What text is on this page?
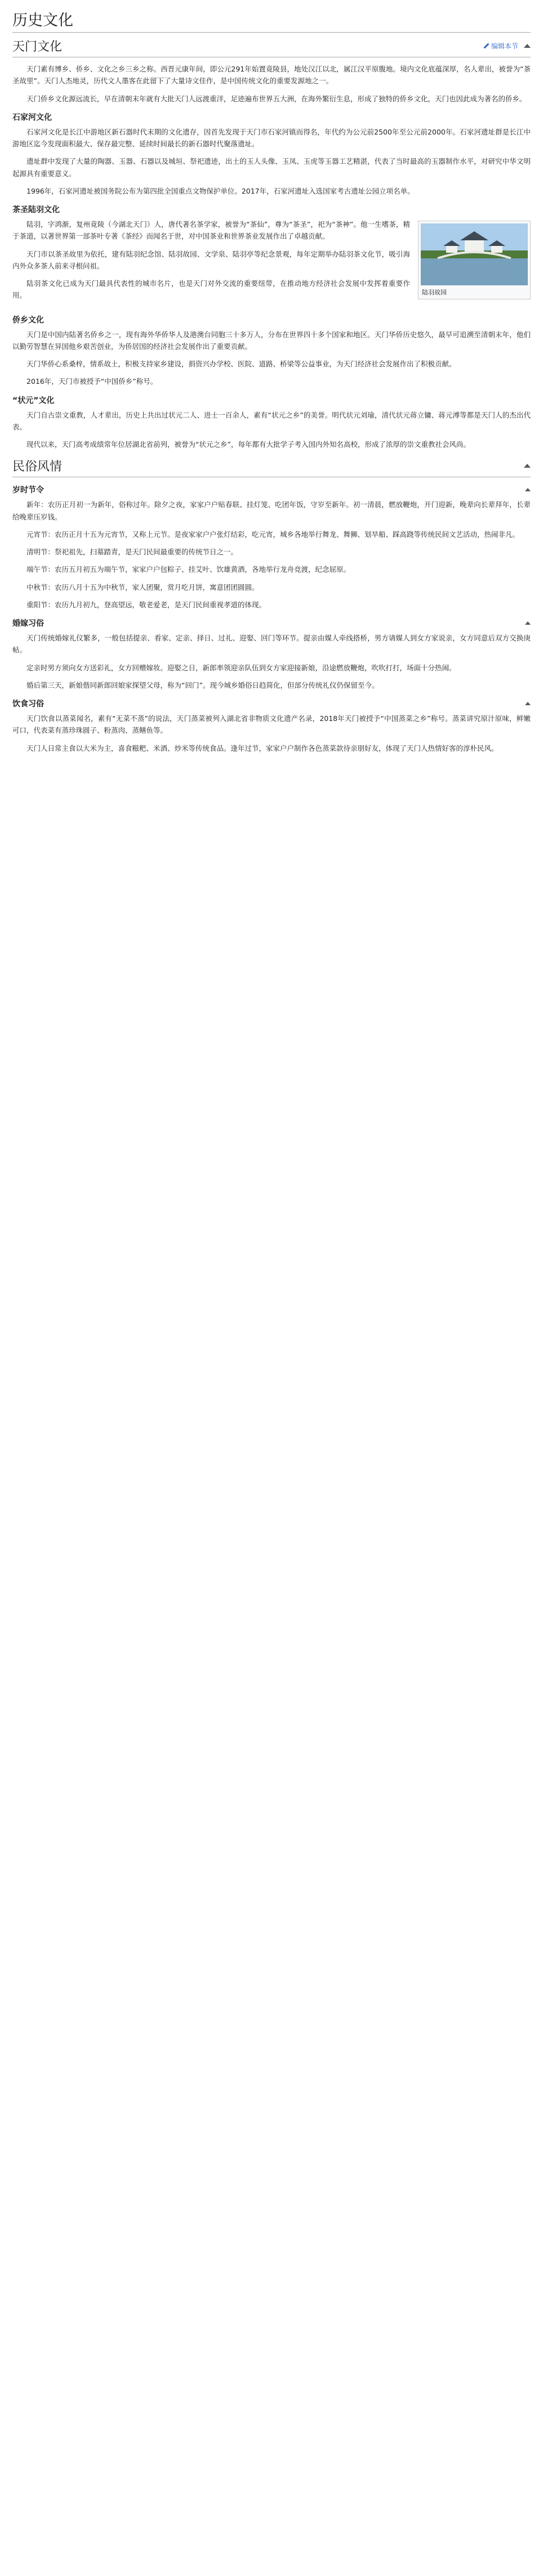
历史文化
天门文化	编辑本节

天门素有博乡、侨乡、文化之乡三乡之称。西晋元康年间，即公元291年始置竟陵县，地处汉江以北，属江汉平原腹地。境内文化底蕴深厚，名人辈出，被誉为“茶圣故里”。天门人杰地灵，历代文人墨客在此留下了大量诗文佳作，是中国传统文化的重要发源地之一。

天门侨乡文化源远流长，早在清朝末年就有大批天门人远渡重洋，足迹遍布世界五大洲，在海外繁衍生息，形成了独特的侨乡文化，天门也因此成为著名的侨乡。

石家河文化

石家河文化是长江中游地区新石器时代末期的文化遗存，因首先发现于天门市石家河镇而得名，年代约为公元前2500年至公元前2000年。石家河遗址群是长江中游地区迄今发现面积最大、保存最完整、延续时间最长的新石器时代聚落遗址。

遗址群中发现了大量的陶器、玉器、石器以及城垣、祭祀遗迹，出土的玉人头像、玉凤、玉虎等玉器工艺精湛，代表了当时最高的玉器制作水平，对研究中华文明起源具有重要意义。

1996年，石家河遗址被国务院公布为第四批全国重点文物保护单位。2017年，石家河遗址入选国家考古遗址公园立项名单。

茶圣陆羽文化
陆羽故园

陆羽，字鸿渐，复州竟陵（今湖北天门）人，唐代著名茶学家，被誉为“茶仙”，尊为“茶圣”，祀为“茶神”。他一生嗜茶，精于茶道，以著世界第一部茶叶专著《茶经》而闻名于世，对中国茶业和世界茶业发展作出了卓越贡献。

天门市以茶圣故里为依托，建有陆羽纪念馆、陆羽故园、文学泉、陆羽亭等纪念景观，每年定期举办陆羽茶文化节，吸引海内外众多茶人前来寻根问祖。

陆羽茶文化已成为天门最具代表性的城市名片，也是天门对外交流的重要纽带，在推动地方经济社会发展中发挥着重要作用。

侨乡文化

天门是中国内陆著名侨乡之一，现有海外华侨华人及港澳台同胞三十多万人，分布在世界四十多个国家和地区。天门华侨历史悠久，最早可追溯至清朝末年，他们以勤劳智慧在异国他乡艰苦创业，为侨居国的经济社会发展作出了重要贡献。

天门华侨心系桑梓，情系故土，积极支持家乡建设，捐资兴办学校、医院、道路、桥梁等公益事业，为天门经济社会发展作出了积极贡献。

2016年，天门市被授予“中国侨乡”称号。

“状元”文化

天门自古崇文重教，人才辈出，历史上共出过状元二人、进士一百余人，素有“状元之乡”的美誉。明代状元刘瑜，清代状元蒋立镛、蒋元溥等都是天门人的杰出代表。

现代以来，天门高考成绩常年位居湖北省前列，被誉为“状元之乡”，每年都有大批学子考入国内外知名高校，形成了浓厚的崇文重教社会风尚。

民俗风情
岁时节令

新年：农历正月初一为新年，俗称过年。除夕之夜，家家户户贴春联、挂灯笼、吃团年饭，守岁至新年。初一清晨，燃放鞭炮，开门迎新，晚辈向长辈拜年，长辈给晚辈压岁钱。

元宵节：农历正月十五为元宵节，又称上元节。是夜家家户户张灯结彩，吃元宵，城乡各地举行舞龙、舞狮、划旱船、踩高跷等传统民间文艺活动，热闹非凡。

清明节：祭祀祖先，扫墓踏青，是天门民间最重要的传统节日之一。

端午节：农历五月初五为端午节，家家户户包粽子、挂艾叶、饮雄黄酒，各地举行龙舟竞渡，纪念屈原。

中秋节：农历八月十五为中秋节，家人团聚，赏月吃月饼，寓意团团圆圆。

重阳节：农历九月初九，登高望远，敬老爱老，是天门民间重视孝道的体现。

婚嫁习俗

天门传统婚嫁礼仪繁多，一般包括提亲、看家、定亲、择日、过礼、迎娶、回门等环节。提亲由媒人牵线搭桥，男方请媒人到女方家说亲，女方同意后双方交换庚帖。

定亲时男方须向女方送彩礼，女方回赠嫁妆。迎娶之日，新郎率领迎亲队伍到女方家迎接新娘，沿途燃放鞭炮，吹吹打打，场面十分热闹。

婚后第三天，新娘偕同新郎回娘家探望父母，称为“回门”。现今城乡婚俗日趋简化，但部分传统礼仪仍保留至今。

饮食习俗

天门饮食以蒸菜闻名，素有“无菜不蒸”的说法，天门蒸菜被列入湖北省非物质文化遗产名录，2018年天门被授予“中国蒸菜之乡”称号。蒸菜讲究原汁原味，鲜嫩可口，代表菜有蒸珍珠圆子、粉蒸肉、蒸鳝鱼等。

天门人日常主食以大米为主，喜食糍粑、米酒、炒米等传统食品。逢年过节，家家户户制作各色蒸菜款待亲朋好友，体现了天门人热情好客的淳朴民风。
